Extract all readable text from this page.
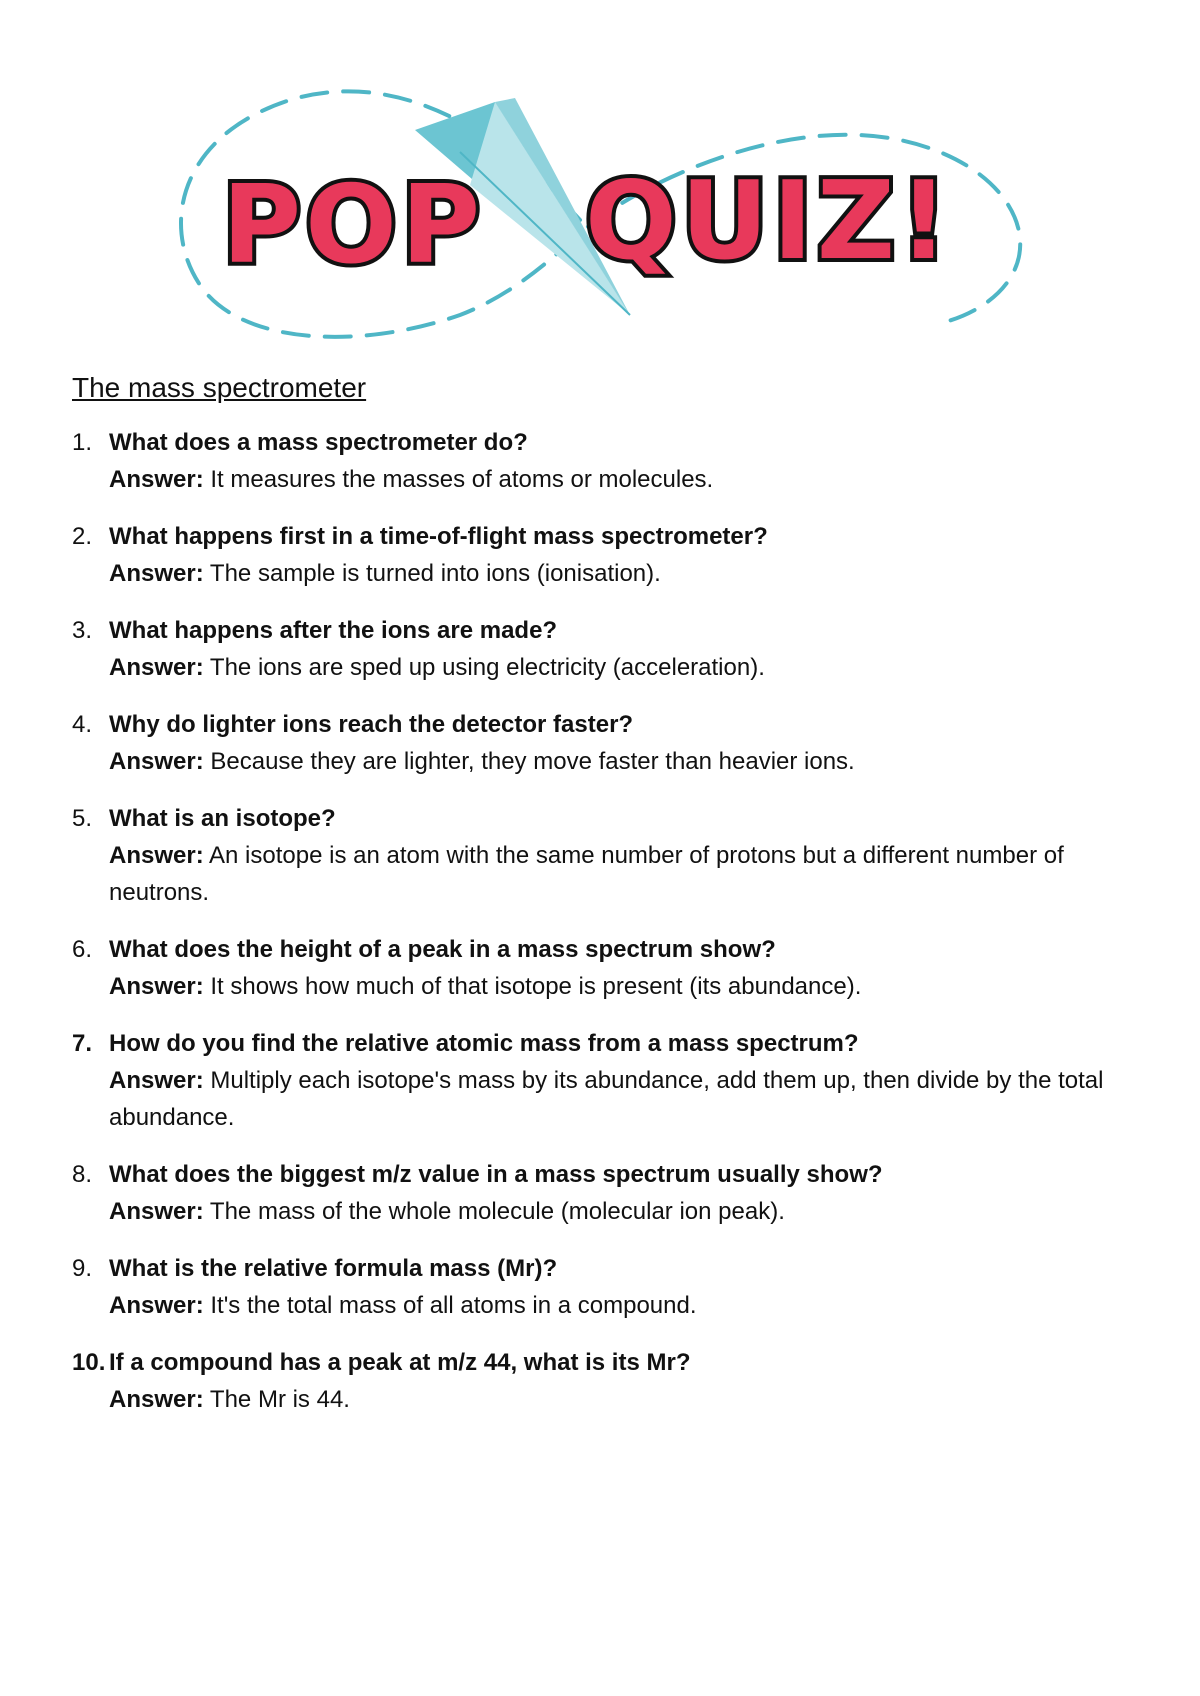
POP QUIZ!
The mass spectrometer
1. What does a mass spectrometer do?
Answer: It measures the masses of atoms or molecules.
2. What happens first in a time-of-flight mass spectrometer?
Answer: The sample is turned into ions (ionisation).
3. What happens after the ions are made?
Answer: The ions are sped up using electricity (acceleration).
4. Why do lighter ions reach the detector faster?
Answer: Because they are lighter, they move faster than heavier ions.
5. What is an isotope?
Answer: An isotope is an atom with the same number of protons but a different number of neutrons.
6. What does the height of a peak in a mass spectrum show?
Answer: It shows how much of that isotope is present (its abundance).
7. How do you find the relative atomic mass from a mass spectrum?
Answer: Multiply each isotope's mass by its abundance, add them up, then divide by the total abundance.
8. What does the biggest m/z value in a mass spectrum usually show?
Answer: The mass of the whole molecule (molecular ion peak).
9. What is the relative formula mass (Mr)?
Answer: It's the total mass of all atoms in a compound.
10. If a compound has a peak at m/z 44, what is its Mr?
Answer: The Mr is 44.
